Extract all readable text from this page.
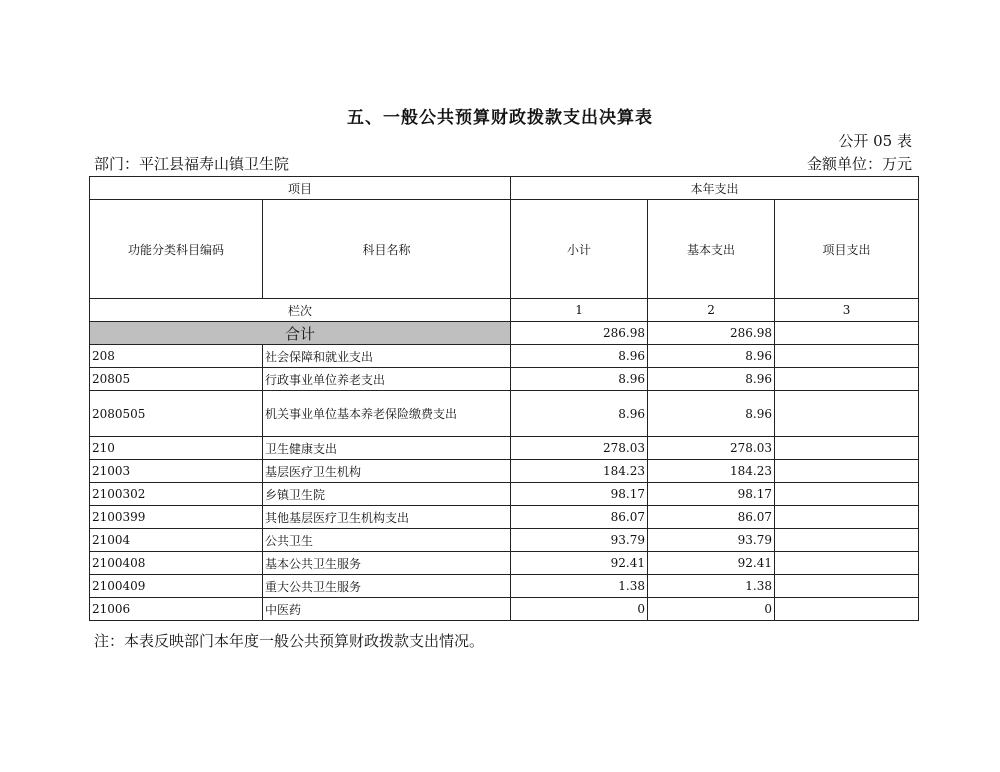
五、一般公共预算财政拨款支出决算表
公开 05 表
部门：平江县福寿山镇卫生院	金额单位：万元
项目		本年支出		
功能分类科目编码	科目名称	小计	基本支出	项目支出
栏次		1	2	3
合计		286.98	286.98	
208	社会保障和就业支出	8.96	8.96	
20805	行政事业单位养老支出	8.96	8.96	
2080505	机关事业单位基本养老保险缴费支出	8.96	8.96	
210	卫生健康支出	278.03	278.03	
21003	基层医疗卫生机构	184.23	184.23	
2100302	乡镇卫生院	98.17	98.17	
2100399	其他基层医疗卫生机构支出	86.07	86.07	
21004	公共卫生	93.79	93.79	
2100408	基本公共卫生服务	92.41	92.41	
2100409	重大公共卫生服务	1.38	1.38	
21006	中医药	0	0	
注：本表反映部门本年度一般公共预算财政拨款支出情况。
